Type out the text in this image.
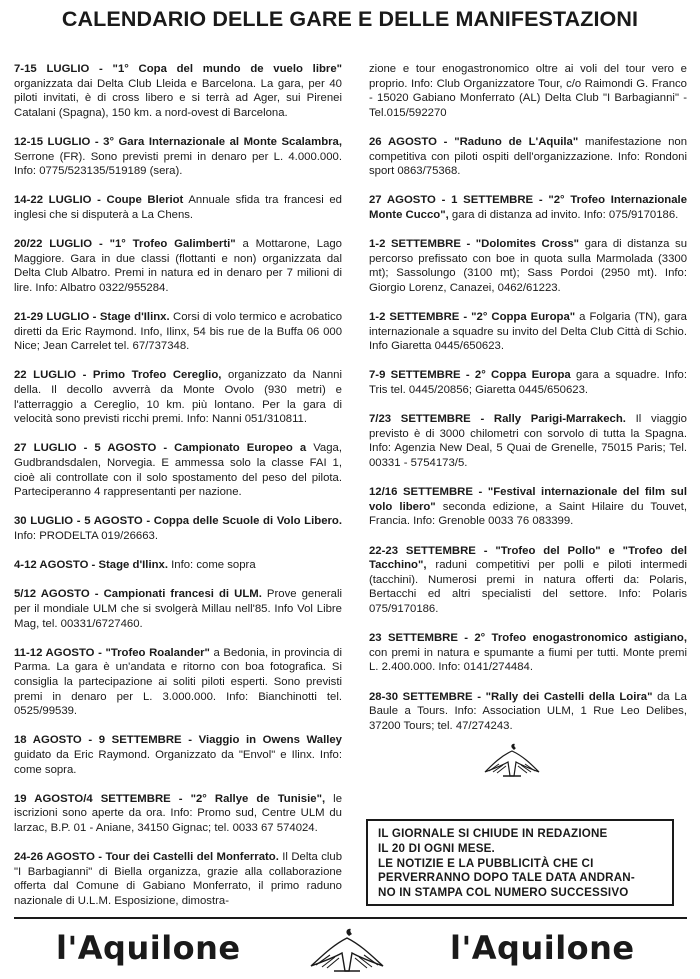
CALENDARIO DELLE GARE E DELLE MANIFESTAZIONI

7-15 LUGLIO - "1° Copa del mundo de vuelo libre" organizzata dai Delta Club Lleida e Barcelona. La gara, per 40 piloti invitati, è di cross libero e si terrà ad Ager, sui Pirenei Catalani (Spagna), 150 km. a nord-ovest di Barcelona.

12-15 LUGLIO - 3° Gara Internazionale al Monte Scalambra, Serrone (FR). Sono previsti premi in denaro per L. 4.000.000. Info: 0775/523135/519189 (sera).

14-22 LUGLIO - Coupe Bleriot Annuale sfida tra francesi ed inglesi che si disputerà a La Chens.

20/22 LUGLIO - "1° Trofeo Galimberti" a Mottarone, Lago Maggiore. Gara in due classi (flottanti e non) organizzata dal Delta Club Albatro. Premi in natura ed in denaro per 7 milioni di lire. Info: Albatro 0322/955284.

21-29 LUGLIO - Stage d'Ilinx. Corsi di volo termico e acrobatico diretti da Eric Raymond. Info, Ilinx, 54 bis rue de la Buffa 06 000 Nice; Jean Carrelet tel. 67/737348.

22 LUGLIO - Primo Trofeo Cereglio, organizzato da Nanni della. Il decollo avverrà da Monte Ovolo (930 metri) e l'atterraggio a Cereglio, 10 km. più lontano. Per la gara di velocità sono previsti ricchi premi. Info: Nanni 051/310811.

27 LUGLIO - 5 AGOSTO - Campionato Europeo a Vaga, Gudbrandsdalen, Norvegia. E ammessa solo la classe FAI 1, cioè ali controllate con il solo spostamento del peso del pilota. Parteciperanno 4 rappresentanti per nazione.

30 LUGLIO - 5 AGOSTO - Coppa delle Scuole di Volo Libero. Info: PRODELTA 019/26663.

4-12 AGOSTO - Stage d'Ilinx. Info: come sopra

5/12 AGOSTO - Campionati francesi di ULM. Prove generali per il mondiale ULM che si svolgerà Millau nell'85. Info Vol Libre Mag, tel. 00331/6727460.

11-12 AGOSTO - "Trofeo Roalander" a Bedonia, in provincia di Parma. La gara è un'andata e ritorno con boa fotografica. Si consiglia la partecipazione ai soliti piloti esperti. Sono previsti premi in denaro per L. 3.000.000. Info: Bianchinotti tel. 0525/99539.

18 AGOSTO - 9 SETTEMBRE - Viaggio in Owens Walley guidato da Eric Raymond. Organizzato da "Envol" e Ilinx. Info: come sopra.

19 AGOSTO/4 SETTEMBRE - "2° Rallye de Tunisie", le iscrizioni sono aperte da ora. Info: Promo sud, Centre ULM du larzac, B.P. 01 - Aniane, 34150 Gignac; tel. 0033 67 574024.

24-26 AGOSTO - Tour dei Castelli del Monferrato. Il Delta club "I Barbagianni" di Biella organizza, grazie alla collaborazione offerta dal Comune di Gabiano Monferrato, il primo raduno nazionale di U.L.M. Esposizione, dimostra-

zione e tour enogastronomico oltre ai voli del tour vero e proprio. Info: Club Organizzatore Tour, c/o Raimondi G. Franco - 15020 Gabiano Monferrato (AL) Delta Club "I Barbagianni" - Tel.015/592270

26 AGOSTO - "Raduno de L'Aquila" manifestazione non competitiva con piloti ospiti dell'organizzazione. Info: Rondoni sport 0863/75368.

27 AGOSTO - 1 SETTEMBRE - "2° Trofeo Internazionale Monte Cucco", gara di distanza ad invito. Info: 075/9170186.

1-2 SETTEMBRE - "Dolomites Cross" gara di distanza su percorso prefissato con boe in quota sulla Marmolada (3300 mt); Sassolungo (3100 mt); Sass Pordoi (2950 mt). Info: Giorgio Lorenz, Canazei, 0462/61223.

1-2 SETTEMBRE - "2° Coppa Europa" a Folgaria (TN), gara internazionale a squadre su invito del Delta Club Città di Schio. Info Giaretta 0445/650623.

7-9 SETTEMBRE - 2° Coppa Europa gara a squadre. Info: Tris tel. 0445/20856; Giaretta 0445/650623.

7/23 SETTEMBRE - Rally Parigi-Marrakech. Il viaggio previsto è di 3000 chilometri con sorvolo di tutta la Spagna. Info: Agenzia New Deal, 5 Quai de Grenelle, 75015 Paris; Tel. 00331 - 5754173/5.

12/16 SETTEMBRE - "Festival internazionale del film sul volo libero" seconda edizione, a Saint Hilaire du Touvet, Francia. Info: Grenoble 0033 76 083399.

22-23 SETTEMBRE - "Trofeo del Pollo" e "Trofeo del Tacchino", raduni competitivi per polli e piloti intermedi (tacchini). Numerosi premi in natura offerti da: Polaris, Bertacchi ed altri specialisti del settore. Info: Polaris 075/9170186.

23 SETTEMBRE - 2° Trofeo enogastronomico astigiano, con premi in natura e spumante a fiumi per tutti. Monte premi L. 2.400.000. Info: 0141/274484.

28-30 SETTEMBRE - "Rally dei Castelli della Loira" da La Baule a Tours. Info: Association ULM, 1 Rue Leo Delibes, 37200 Tours; tel. 47/274243.

IL GIORNALE SI CHIUDE IN REDAZIONE
IL 20 DI OGNI MESE.
LE NOTIZIE E LA PUBBLICITÀ CHE CI
PERVERRANNO DOPO TALE DATA ANDRAN-
NO IN STAMPA COL NUMERO SUCCESSIVO
l'Aquilone	l'Aquilone
